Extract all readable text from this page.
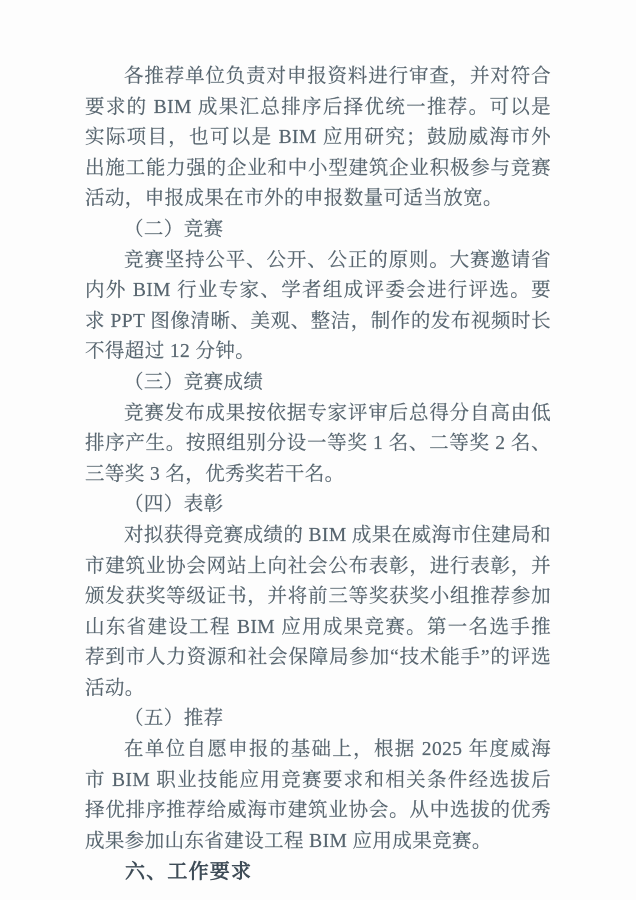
各推荐单位负责对申报资料进行审查，并对符合要求的 BIM 成果汇总排序后择优统一推荐。可以是实际项目，也可以是 BIM 应用研究；鼓励威海市外出施工能力强的企业和中小型建筑企业积极参与竞赛活动，申报成果在市外的申报数量可适当放宽。

（二）竞赛

竞赛坚持公平、公开、公正的原则。大赛邀请省内外 BIM 行业专家、学者组成评委会进行评选。要求 PPT 图像清晰、美观、整洁，制作的发布视频时长不得超过 12 分钟。

（三）竞赛成绩

竞赛发布成果按依据专家评审后总得分自高由低排序产生。按照组别分设一等奖 1 名、二等奖 2 名、三等奖 3 名，优秀奖若干名。

（四）表彰

对拟获得竞赛成绩的 BIM 成果在威海市住建局和市建筑业协会网站上向社会公布表彰，进行表彰，并颁发获奖等级证书，并将前三等奖获奖小组推荐参加山东省建设工程 BIM 应用成果竞赛。第一名选手推荐到市人力资源和社会保障局参加“技术能手”的评选活动。

（五）推荐

在单位自愿申报的基础上，根据 2025 年度威海市 BIM 职业技能应用竞赛要求和相关条件经选拔后择优排序推荐给威海市建筑业协会。从中选拔的优秀成果参加山东省建设工程 BIM 应用成果竞赛。

六、工作要求
